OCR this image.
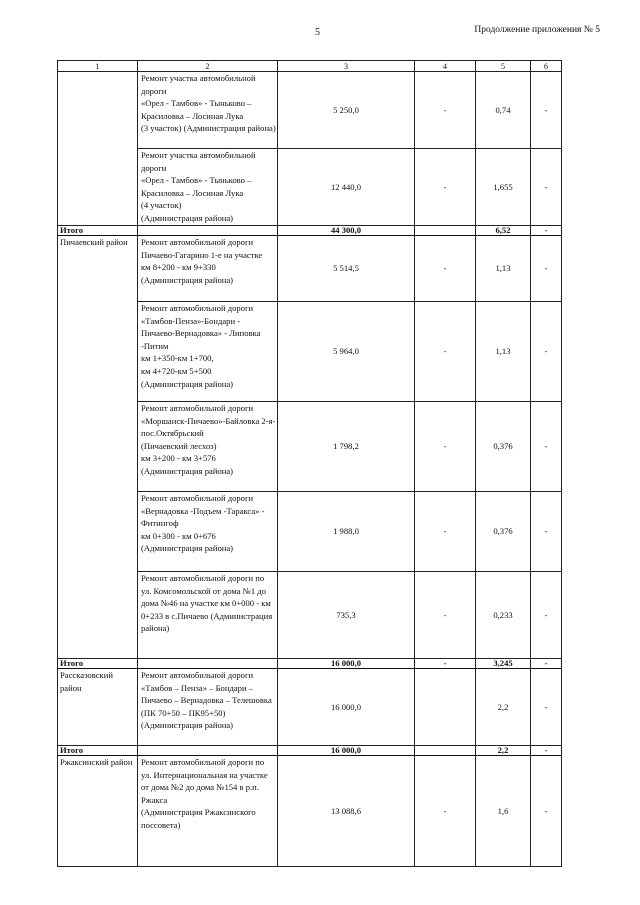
5	Продолжение приложения № 5
1	2	3	4	5	6
	Ремонт участка автомобильной дороги
«Орел - Тамбов» - Тыньково – Красиловка – Лосиная Лука
(3 участок) (Администрация района)	5 250,0	-	0,74	-
	Ремонт участка автомобильной дороги
«Орел - Тамбов» - Тыньково – Красиловка – Лосиная Лука
(4 участок)
(Администрация района)	12 440,0	-	1,655	-
Итого		44 300,0		6,52	-
Пичаевский район	Ремонт автомобильной дороги Пичаево-Гагарино 1-е на участке
км 8+200 - км 9+330
(Администрация района)	5 514,5	-	1,13	-
	Ремонт автомобильной дороги «Тамбов-Пенза»-Бондари - Пичаево-Вернадовка» - Липовка -Питим
км 1+350-км 1+700,
км 4+720-км 5+500
(Администрация района)	5 964,0	-	1,13	-
	Ремонт автомобильной дороги «Моршанск-Пичаево»-Байловка 2-я- пос.Октябрьский
(Пичаевский лесхоз)
км 3+200 - км 3+576
(Администрация района)	1 798,2	-	0,376	-
	Ремонт автомобильной дороги «Вернадовка -Подъем -Таракса» - Фитингоф
км 0+300 - км 0+676
(Администрация района)	1 988,0	-	0,376	-
	Ремонт автомобильной дороги по ул. Комсомольской от дома №1 до дома №46 на участке км 0+000 - км 0+233 в с.Пичаево (Администрация района)	735,3	-	0,233	-
Итого		16 000,0	-	3,245	-
Рассказовский район	Ремонт автомобильной дороги «Тамбов – Пенза» – Бондари – Пичаево – Вернадовка – Телешовка
(ПК 70+50 – ПК95+50)
(Администрация района)	16 000,0		2,2	-
Итого		16 000,0		2,2	-
Ржаксинский район	Ремонт автомобильной дороги по ул. Интернациональная на участке от дома №2 до дома №154 в р.п. Ржакса
(Администрация Ржаксинского поссовета)	13 088,6	-	1,6	-
